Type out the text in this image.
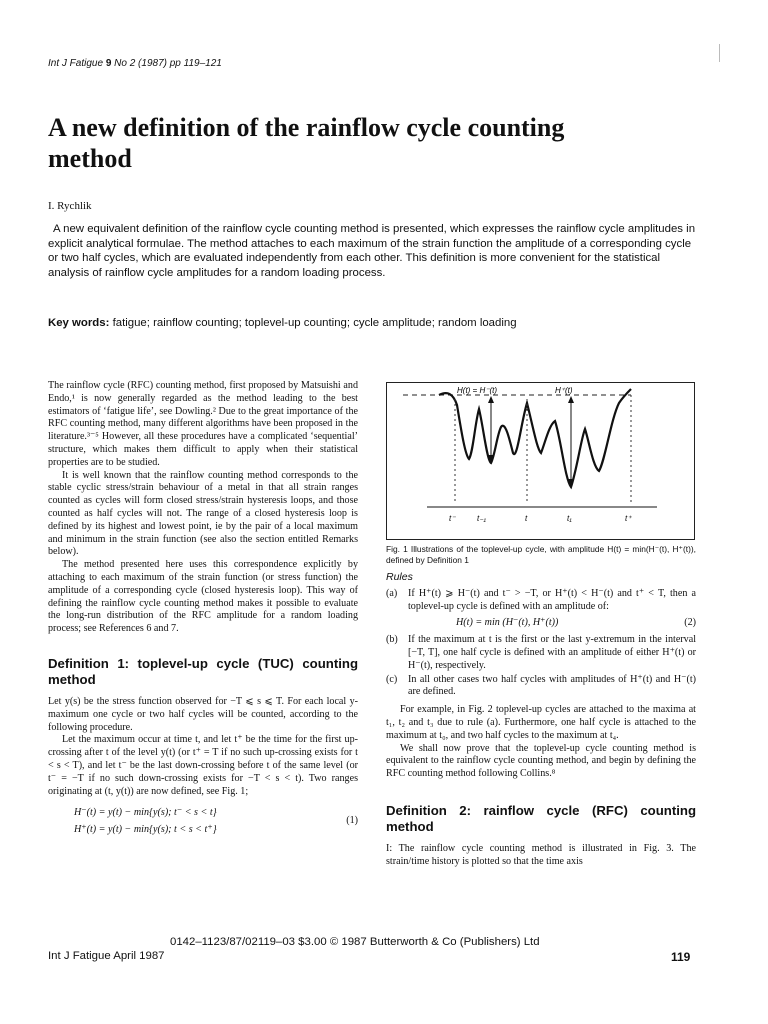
Int J Fatigue 9 No 2 (1987) pp 119–121
A new definition of the rainflow cycle counting method
I. Rychlik

A new equivalent definition of the rainflow cycle counting method is presented, which expresses the rainflow cycle amplitudes in explicit analytical formulae. The method attaches to each maximum of the strain function the amplitude of a corresponding cycle or two half cycles, which are evaluated independently from each other. This definition is more convenient for the statistical analysis of rainflow cycle amplitudes for a random loading process.

Key words: fatigue; rainflow counting; toplevel-up counting; cycle amplitude; random loading

The rainflow cycle (RFC) counting method, first proposed by Matsuishi and Endo,¹ is now generally regarded as the method leading to the best estimators of ‘fatigue life’, see Dowling.² Due to the great importance of the RFC counting method, many different algorithms have been proposed in the literature.³⁻⁵ However, all these procedures have a complicated ‘sequential’ structure, which makes them difficult to apply when their statistical properties are to be studied.

It is well known that the rainflow counting method corresponds to the stable cyclic stress/strain behaviour of a metal in that all strain ranges counted as cycles will form closed stress/strain hysteresis loops, and those counted as half cycles will not. The range of a closed hysteresis loop is defined by its highest and lowest point, ie by the pair of a local maximum and minimum in the strain function (see also the section entitled Remarks below).

The method presented here uses this correspondence explicitly by attaching to each maximum of the strain function (or stress function) the amplitude of a corresponding cycle (closed hysteresis loop). This way of defining the rainflow cycle counting method makes it possible to evaluate the long-run distribution of the RFC amplitude for a random loading process; see References 6 and 7.

Definition 1: toplevel-up cycle (TUC) counting method

Let y(s) be the stress function observed for −T ⩽ s ⩽ T. For each local y-maximum one cycle or two half cycles will be counted, according to the following procedure.

Let the maximum occur at time t, and let t⁺ be the time for the first up-crossing after t of the level y(t) (or t⁺ = T if no such up-crossing exists for t < s < T), and let t⁻ be the last down-crossing before t of the same level (or t⁻ = −T if no such down-crossing exists for −T < s < t). Two ranges originating at (t, y(t)) are now defined, see Fig. 1;

H⁻(t) = y(t) − min{y(s); t⁻ < s < t}
H⁺(t) = y(t) − min{y(s); t < s < t⁺}
(1)
H(t) = H⁻(t)	H⁺(t)
t⁻	t₋₁	t	t₁	t⁺
Fig. 1 Illustrations of the toplevel-up cycle, with amplitude H(t) = min(H⁻(t), H⁺(t)), defined by Definition 1
Rules
(a)	If H⁺(t) ⩾ H⁻(t) and t⁻ > −T, or H⁺(t) < H⁻(t) and t⁺ < T, then a toplevel-up cycle is defined with an amplitude of:
H(t) = min (H⁻(t), H⁺(t))	(2)
(b)	If the maximum at t is the first or the last y-extremum in the interval [−T, T], one half cycle is defined with an amplitude of either H⁺(t) or H⁻(t), respectively.
(c)	In all other cases two half cycles with amplitudes of H⁺(t) and H⁻(t) are defined.

For example, in Fig. 2 toplevel-up cycles are attached to the maxima at t₁, t₂ and t₃ due to rule (a). Furthermore, one half cycle is attached to the maximum at t₀, and two half cycles to the maximum at t₄.

We shall now prove that the toplevel-up cycle counting method is equivalent to the rainflow cycle counting method, and begin by defining the RFC counting method following Collins.⁸

Definition 2: rainflow cycle (RFC) counting method

I: The rainflow cycle counting method is illustrated in Fig. 3. The strain/time history is plotted so that the time axis

0142–1123/87/02119–03 $3.00 © 1987 Butterworth & Co (Publishers) Ltd
Int J Fatigue April 1987	119
